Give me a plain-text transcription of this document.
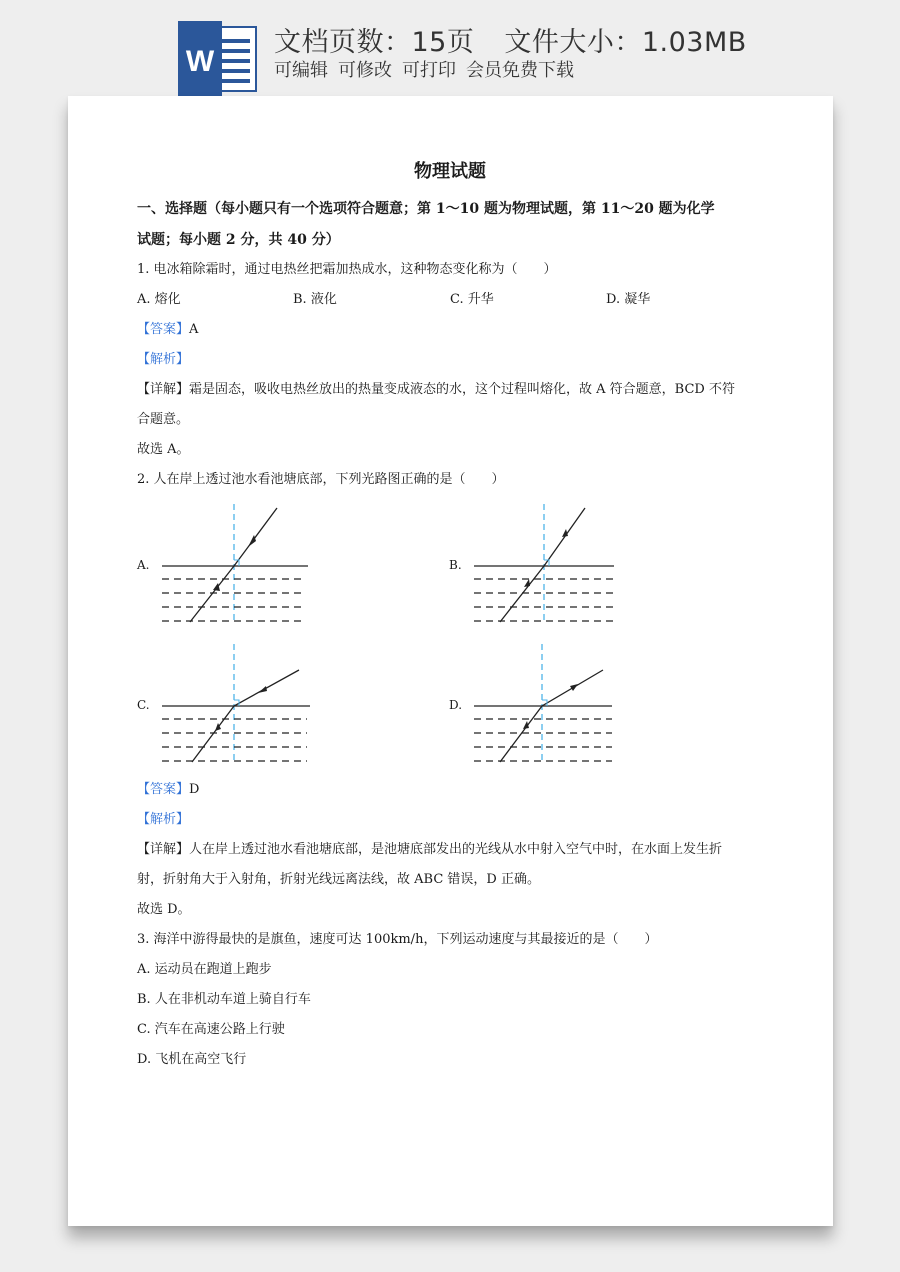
W
文档页数：15页 文件大小：1.03MB
可编辑 可修改 可打印 会员免费下载
物理试题
一、选择题（每小题只有一个选项符合题意；第 1～10 题为物理试题，第 11～20 题为化学
试题；每小题 2 分，共 40 分）
1. 电冰箱除霜时，通过电热丝把霜加热成水，这种物态变化称为（　　）
A. 熔化	B. 液化	C. 升华	D. 凝华
【答案】A
【解析】
【详解】霜是固态，吸收电热丝放出的热量变成液态的水，这个过程叫熔化，故 A 符合题意，BCD 不符
合题意。
故选 A。
2. 人在岸上透过池水看池塘底部，下列光路图正确的是（　　）
A.	B.
C.	D.
【答案】D
【解析】
【详解】人在岸上透过池水看池塘底部，是池塘底部发出的光线从水中射入空气中时，在水面上发生折
射，折射角大于入射角，折射光线远离法线，故 ABC 错误，D 正确。
故选 D。
3. 海洋中游得最快的是旗鱼，速度可达 100km/h，下列运动速度与其最接近的是（　　）
A. 运动员在跑道上跑步
B. 人在非机动车道上骑自行车
C. 汽车在高速公路上行驶
D. 飞机在高空飞行
